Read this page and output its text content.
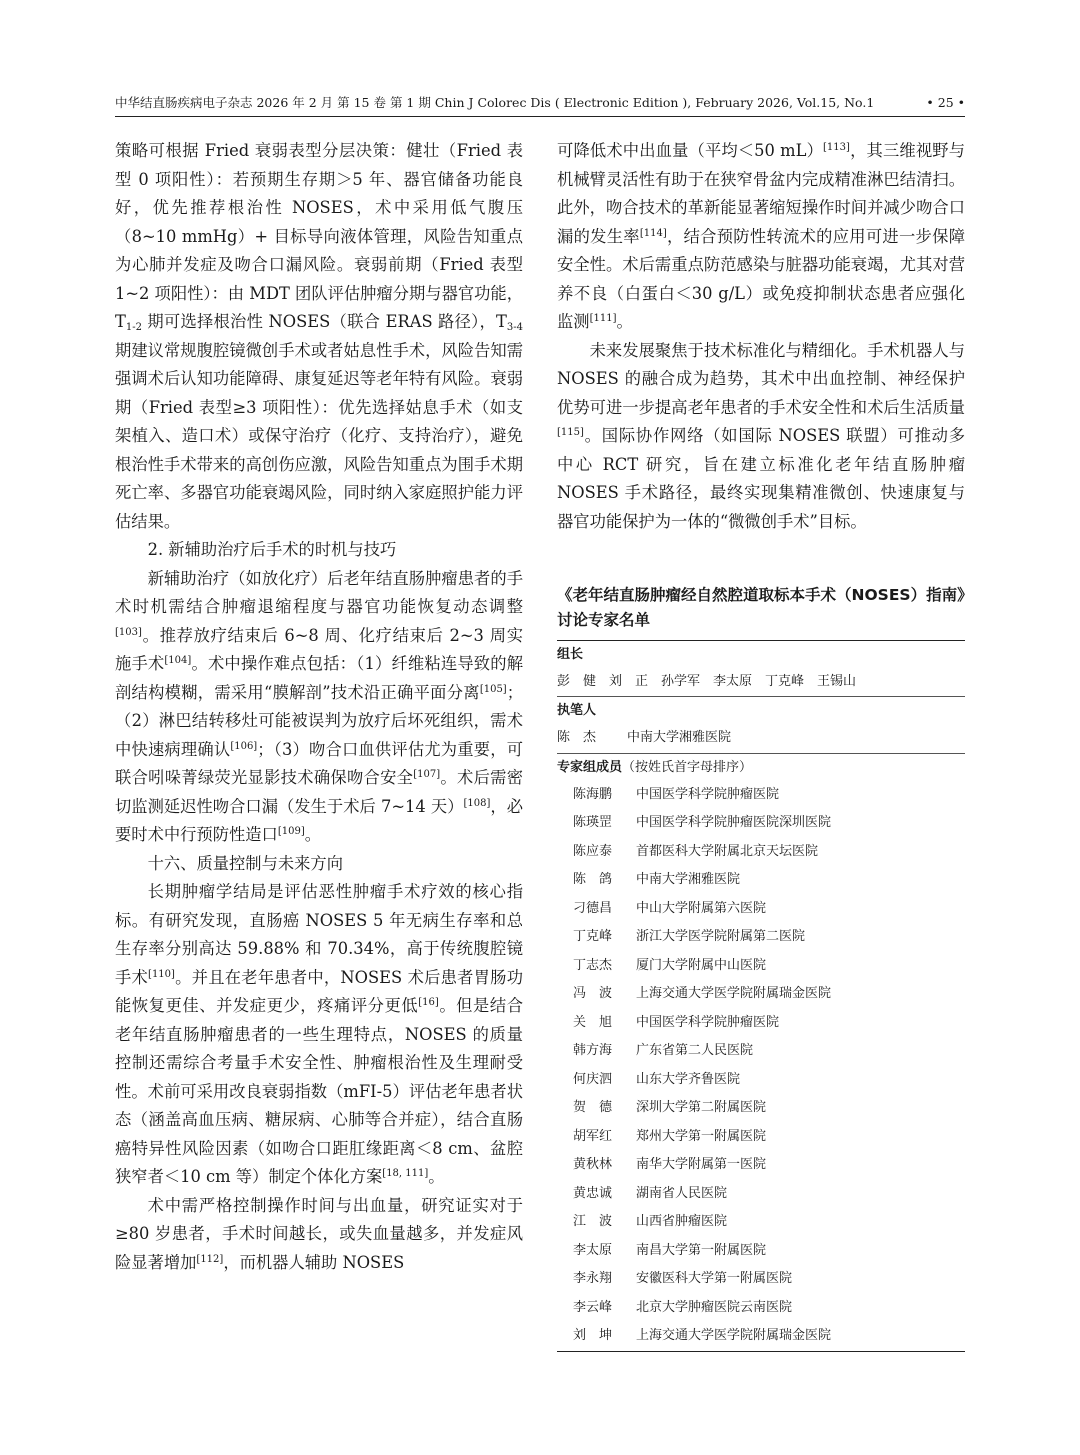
中华结直肠疾病电子杂志 2026 年 2 月 第 15 卷 第 1 期 Chin J Colorec Dis ( Electronic Edition ), February 2026, Vol.15, No.1	• 25 •

策略可根据 Fried 衰弱表型分层决策：健壮（Fried 表型 0 项阳性）：若预期生存期＞5 年、器官储备功能良好，优先推荐根治性 NOSES，术中采用低气腹压（8~10 mmHg）+ 目标导向液体管理，风险告知重点为心肺并发症及吻合口漏风险。衰弱前期（Fried 表型 1~2 项阳性）：由 MDT 团队评估肿瘤分期与器官功能，$T_{1-2}$ 期可选择根治性 NOSES（联合 ERAS 路径），$T_{3-4}$ 期建议常规腹腔镜微创手术或者姑息性手术，风险告知需强调术后认知功能障碍、康复延迟等老年特有风险。衰弱期（Fried 表型≥3 项阳性）：优先选择姑息手术（如支架植入、造口术）或保守治疗（化疗、支持治疗），避免根治性手术带来的高创伤应激，风险告知重点为围手术期死亡率、多器官功能衰竭风险，同时纳入家庭照护能力评估结果。

2. 新辅助治疗后手术的时机与技巧

新辅助治疗（如放化疗）后老年结直肠肿瘤患者的手术时机需结合肿瘤退缩程度与器官功能恢复动态调整[103]。推荐放疗结束后 6~8 周、化疗结束后 2~3 周实施手术[104]。术中操作难点包括：（1）纤维粘连导致的解剖结构模糊，需采用“膜解剖”技术沿正确平面分离[105]；（2）淋巴结转移灶可能被误判为放疗后坏死组织，需术中快速病理确认[106]；（3）吻合口血供评估尤为重要，可联合吲哚菁绿荧光显影技术确保吻合安全[107]。术后需密切监测延迟性吻合口漏（发生于术后 7~14 天）[108]，必要时术中行预防性造口[109]。

十六、质量控制与未来方向

长期肿瘤学结局是评估恶性肿瘤手术疗效的核心指标。有研究发现，直肠癌 NOSES 5 年无病生存率和总生存率分别高达 59.88% 和 70.34%，高于传统腹腔镜手术[110]。并且在老年患者中，NOSES 术后患者胃肠功能恢复更佳、并发症更少，疼痛评分更低[16]。但是结合老年结直肠肿瘤患者的一些生理特点，NOSES 的质量控制还需综合考量手术安全性、肿瘤根治性及生理耐受性。术前可采用改良衰弱指数（mFI-5）评估老年患者状态（涵盖高血压病、糖尿病、心肺等合并症），结合直肠癌特异性风险因素（如吻合口距肛缘距离＜8 cm、盆腔狭窄者＜10 cm 等）制定个体化方案[18, 111]。

术中需严格控制操作时间与出血量，研究证实对于≥80 岁患者，手术时间越长，或失血量越多，并发症风险显著增加[112]，而机器人辅助 NOSES

可降低术中出血量（平均＜50 mL）[113]，其三维视野与机械臂灵活性有助于在狭窄骨盆内完成精准淋巴结清扫。此外，吻合技术的革新能显著缩短操作时间并减少吻合口漏的发生率[114]，结合预防性转流术的应用可进一步保障安全性。术后需重点防范感染与脏器功能衰竭，尤其对营养不良（白蛋白＜30 g/L）或免疫抑制状态患者应强化监测[111]。

未来发展聚焦于技术标准化与精细化。手术机器人与 NOSES 的融合成为趋势，其术中出血控制、神经保护优势可进一步提高老年患者的手术安全性和术后生活质量[115]。国际协作网络（如国际 NOSES 联盟）可推动多中心 RCT 研究，旨在建立标准化老年结直肠肿瘤 NOSES 手术路径，最终实现集精准微创、快速康复与器官功能保护为一体的“微微创手术”目标。

《老年结直肠肿瘤经自然腔道取标本手术（NOSES）指南》讨论专家名单
组长
彭　健　刘　正　孙学军　李太原　丁克峰　王锡山
执笔人
陈　杰 中南大学湘雅医院
专家组成员（按姓氏首字母排序）
陈海鹏 中国医学科学院肿瘤医院
陈瑛罡 中国医学科学院肿瘤医院深圳医院
陈应泰 首都医科大学附属北京天坛医院
陈　鸽 中南大学湘雅医院
刁德昌 中山大学附属第六医院
丁克峰 浙江大学医学院附属第二医院
丁志杰 厦门大学附属中山医院
冯　波 上海交通大学医学院附属瑞金医院
关　旭 中国医学科学院肿瘤医院
韩方海 广东省第二人民医院
何庆泗 山东大学齐鲁医院
贺　德 深圳大学第二附属医院
胡军红 郑州大学第一附属医院
黄秋林 南华大学附属第一医院
黄忠诚 湖南省人民医院
江　波 山西省肿瘤医院
李太原 南昌大学第一附属医院
李永翔 安徽医科大学第一附属医院
李云峰 北京大学肿瘤医院云南医院
刘　坤 上海交通大学医学院附属瑞金医院
